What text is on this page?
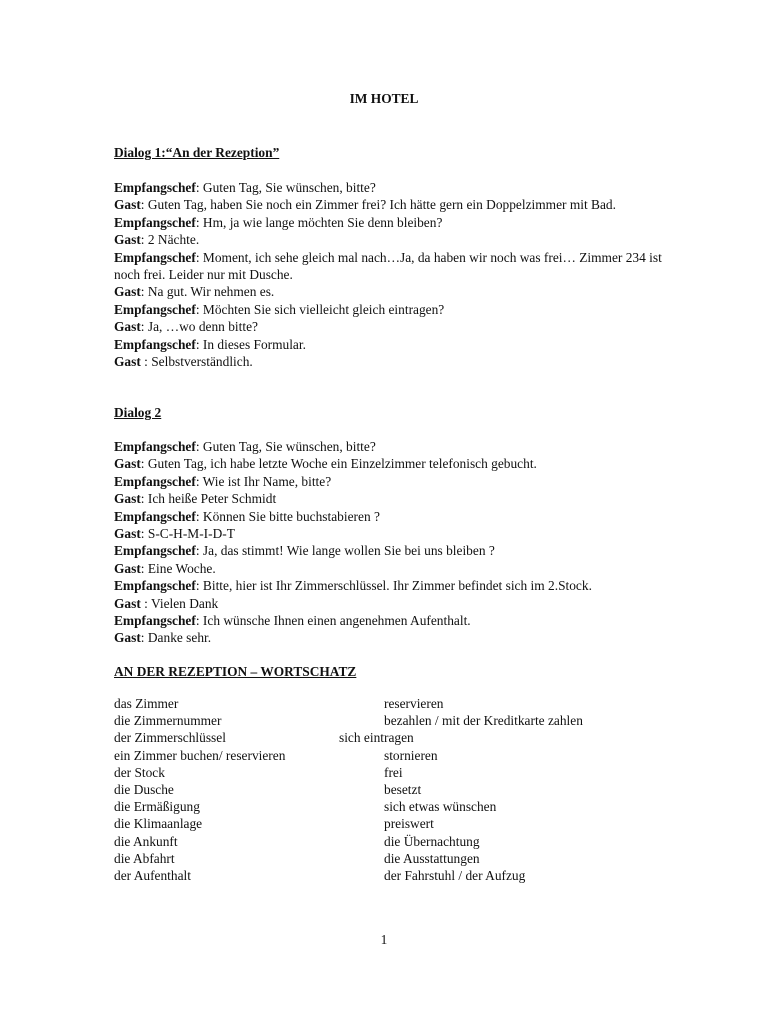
IM HOTEL
Dialog 1:“An der Rezeption”
Empfangschef: Guten Tag, Sie wünschen, bitte?
Gast: Guten Tag, haben Sie noch ein Zimmer frei? Ich hätte gern ein Doppelzimmer mit Bad.
Empfangschef: Hm, ja wie lange möchten Sie denn bleiben?
Gast: 2 Nächte.
Empfangschef: Moment, ich sehe gleich mal nach…Ja, da haben wir noch was frei… Zimmer 234 ist noch frei. Leider nur mit Dusche.
Gast: Na gut. Wir nehmen es.
Empfangschef: Möchten Sie sich vielleicht gleich eintragen?
Gast: Ja, …wo denn bitte?
Empfangschef: In dieses Formular.
Gast : Selbstverständlich.
Dialog 2
Empfangschef: Guten Tag, Sie wünschen, bitte?
Gast: Guten Tag, ich habe letzte Woche ein Einzelzimmer telefonisch gebucht.
Empfangschef: Wie ist Ihr Name, bitte?
Gast: Ich heiße Peter Schmidt
Empfangschef: Können Sie bitte buchstabieren ?
Gast: S-C-H-M-I-D-T
Empfangschef: Ja, das stimmt! Wie lange wollen Sie bei uns bleiben ?
Gast: Eine Woche.
Empfangschef: Bitte, hier ist Ihr Zimmerschlüssel. Ihr Zimmer befindet sich im 2.Stock.
Gast : Vielen Dank
Empfangschef: Ich wünsche Ihnen einen angenehmen Aufenthalt.
Gast: Danke sehr.
AN DER REZEPTION – WORTSCHATZ
das Zimmer	reservieren
die Zimmernummer	bezahlen / mit der Kreditkarte zahlen
der Zimmerschlüssel	sich eintragen
ein Zimmer buchen/ reservieren	stornieren
der Stock	frei
die Dusche	besetzt
die Ermäßigung	sich etwas wünschen
die Klimaanlage	preiswert
die Ankunft	die Übernachtung
die Abfahrt	die Ausstattungen
der Aufenthalt	der Fahrstuhl / der Aufzug
1
